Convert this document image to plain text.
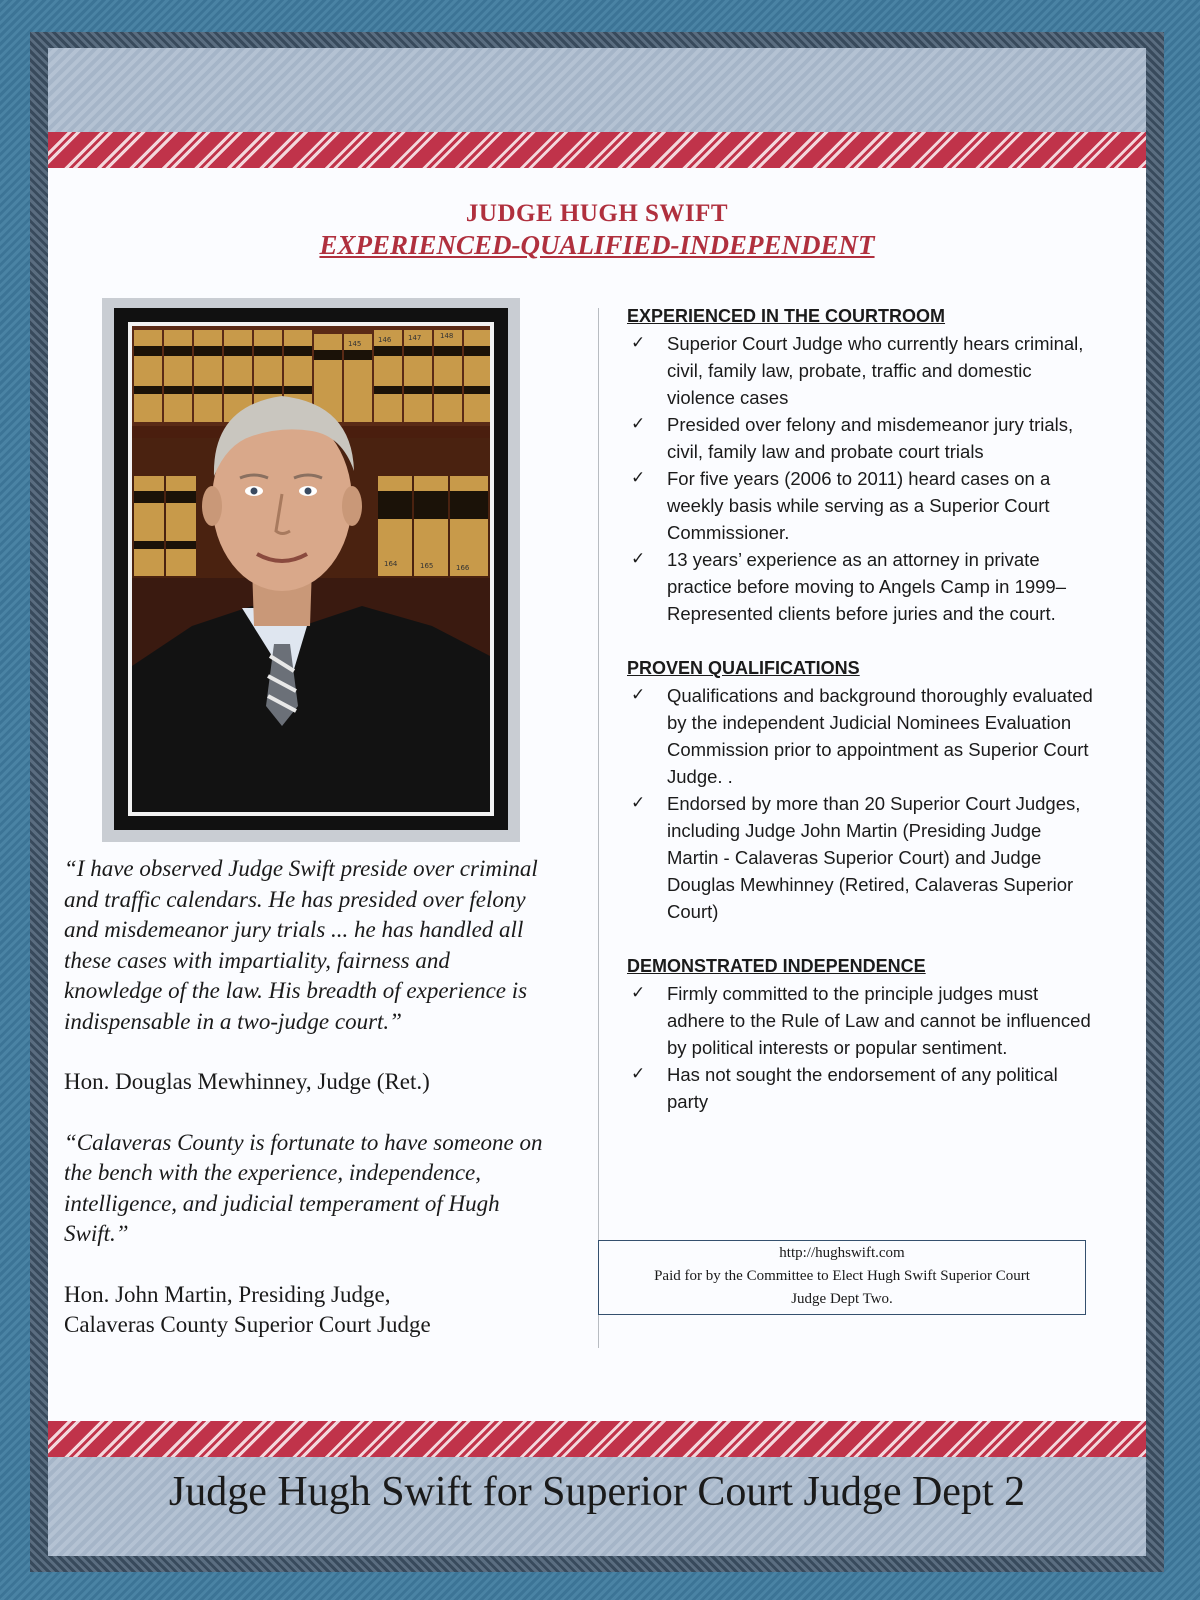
JUDGE HUGH SWIFT

EXPERIENCED-QUALIFIED-INDEPENDENT

145 146 147	148
164	165	166

“I have observed Judge Swift preside over criminal and traffic calendars. He has presided over felony and misdemeanor jury trials ... he has handled all these cases with impartiality, fairness and knowledge of the law. His breadth of experience is indispensable in a two-judge court.”

Hon. Douglas Mewhinney, Judge (Ret.)

“Calaveras County is fortunate to have someone on the bench with the experience, independence, intelligence, and judicial temperament of Hugh Swift.”

Hon. John Martin, Presiding Judge,

Calaveras County Superior Court Judge

EXPERIENCED IN THE COURTROOM

✓ Superior Court Judge who currently hears criminal, civil, family law, probate, traffic and domestic violence cases
✓ Presided over felony and misdemeanor jury trials, civil, family law and probate court trials
✓ For five years (2006 to 2011) heard cases on a weekly basis while serving as a Superior Court Commissioner.
✓ 13 years’ experience as an attorney in private practice before moving to Angels Camp in 1999– Represented clients before juries and the court.

PROVEN QUALIFICATIONS

✓ Qualifications and background thoroughly evaluated by the independent Judicial Nominees Evaluation Commission prior to appointment as Superior Court Judge. .
✓ Endorsed by more than 20 Superior Court Judges, including Judge John Martin (Presiding Judge Martin - Calaveras Superior Court) and Judge Douglas Mewhinney (Retired, Calaveras Superior Court)

DEMONSTRATED INDEPENDENCE

✓ Firmly committed to the principle judges must adhere to the Rule of Law and cannot be influenced by political interests or popular sentiment.
✓ Has not sought the endorsement of any political party
http://hughswift.com
Paid for by the Committee to Elect Hugh Swift Superior Court
Judge Dept Two.
Judge Hugh Swift for Superior Court Judge Dept 2
